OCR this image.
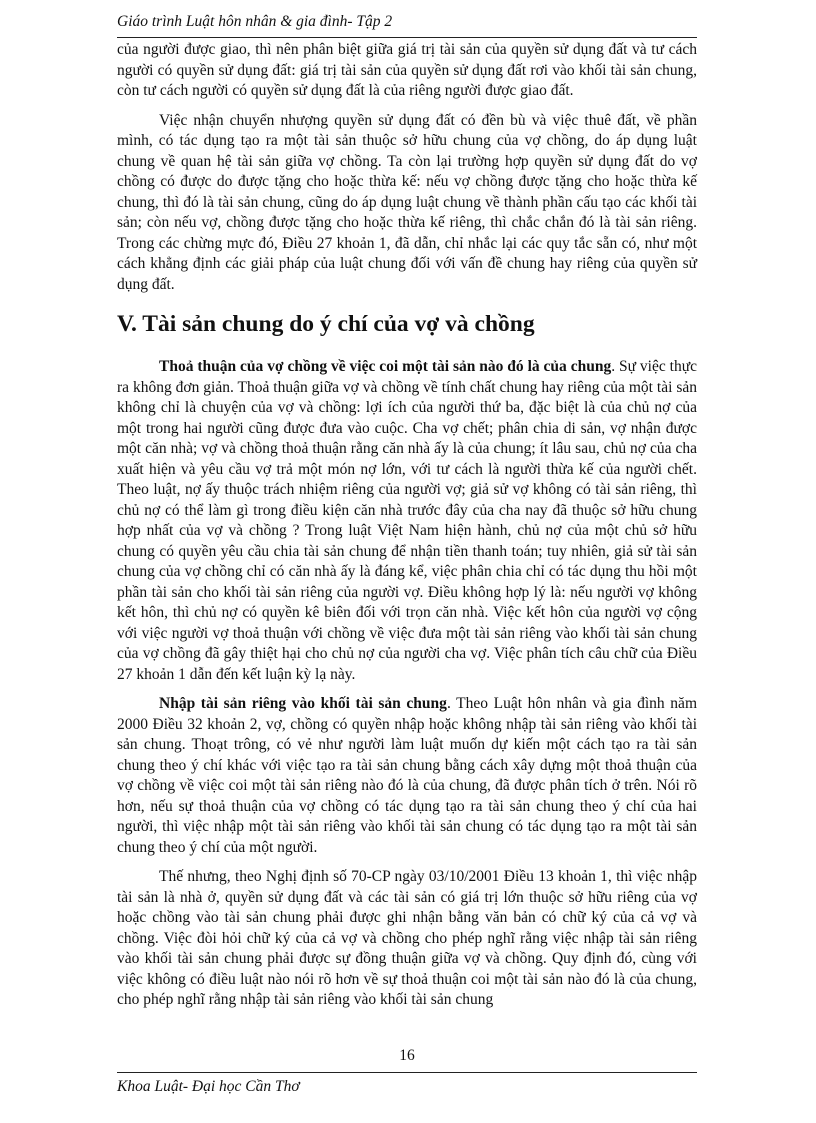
Giáo trình Luật hôn nhân & gia đình- Tập 2

của người được giao, thì nên phân biệt giữa giá trị tài sản của quyền sử dụng đất và tư cách người có quyền sử dụng đất: giá trị tài sản của quyền sử dụng đất rơi vào khối tài sản chung, còn tư cách người có quyền sử dụng đất là của riêng người được giao đất.

Việc nhận chuyển nhượng quyền sử dụng đất có đền bù và việc thuê đất, về phần mình, có tác dụng tạo ra một tài sản thuộc sở hữu chung của vợ chồng, do áp dụng luật chung về quan hệ tài sản giữa vợ chồng. Ta còn lại trường hợp quyền sử dụng đất do vợ chồng có được do được tặng cho hoặc thừa kế: nếu vợ chồng được tặng cho hoặc thừa kế chung, thì đó là tài sản chung, cũng do áp dụng luật chung về thành phần cấu tạo các khối tài sản; còn nếu vợ, chồng được tặng cho hoặc thừa kế riêng, thì chắc chắn đó là tài sản riêng. Trong các chừng mực đó, Điều 27 khoản 1, đã dẫn, chỉ nhắc lại các quy tắc sẵn có, như một cách khẳng định các giải pháp của luật chung đối với vấn đề chung hay riêng của quyền sử dụng đất.

V. Tài sản chung do ý chí của vợ và chồng

Thoả thuận của vợ chồng về việc coi một tài sản nào đó là của chung. Sự việc thực ra không đơn giản. Thoả thuận giữa vợ và chồng về tính chất chung hay riêng của một tài sản không chỉ là chuyện của vợ và chồng: lợi ích của người thứ ba, đặc biệt là của chủ nợ của một trong hai người cũng được đưa vào cuộc. Cha vợ chết; phân chia di sản, vợ nhận được một căn nhà; vợ và chồng thoả thuận rằng căn nhà ấy là của chung; ít lâu sau, chủ nợ của cha xuất hiện và yêu cầu vợ trả một món nợ lớn, với tư cách là người thừa kế của người chết. Theo luật, nợ ấy thuộc trách nhiệm riêng của người vợ; giả sử vợ không có tài sản riêng, thì chủ nợ có thể làm gì trong điều kiện căn nhà trước đây của cha nay đã thuộc sở hữu chung hợp nhất của vợ và chồng ? Trong luật Việt Nam hiện hành, chủ nợ của một chủ sở hữu chung có quyền yêu cầu chia tài sản chung để nhận tiền thanh toán; tuy nhiên, giả sử tài sản chung của vợ chồng chỉ có căn nhà ấy là đáng kể, việc phân chia chỉ có tác dụng thu hồi một phần tài sản cho khối tài sản riêng của người vợ. Điều không hợp lý là: nếu người vợ không kết hôn, thì chủ nợ có quyền kê biên đối với trọn căn nhà. Việc kết hôn của người vợ cộng với việc người vợ thoả thuận với chồng về việc đưa một tài sản riêng vào khối tài sản chung của vợ chồng đã gây thiệt hại cho chủ nợ của người cha vợ. Việc phân tích câu chữ của Điều 27 khoản 1 dẫn đến kết luận kỳ lạ này.

Nhập tài sản riêng vào khối tài sản chung. Theo Luật hôn nhân và gia đình năm 2000 Điều 32 khoản 2, vợ, chồng có quyền nhập hoặc không nhập tài sản riêng vào khối tài sản chung. Thoạt trông, có vẻ như người làm luật muốn dự kiến một cách tạo ra tài sản chung theo ý chí khác với việc tạo ra tài sản chung bằng cách xây dựng một thoả thuận của vợ chồng về việc coi một tài sản riêng nào đó là của chung, đã được phân tích ở trên. Nói rõ hơn, nếu sự thoả thuận của vợ chồng có tác dụng tạo ra tài sản chung theo ý chí của hai người, thì việc nhập một tài sản riêng vào khối tài sản chung có tác dụng tạo ra một tài sản chung theo ý chí của một người.

Thế nhưng, theo Nghị định số 70-CP ngày 03/10/2001 Điều 13 khoản 1, thì việc nhập tài sản là nhà ở, quyền sử dụng đất và các tài sản có giá trị lớn thuộc sở hữu riêng của vợ hoặc chồng vào tài sản chung phải được ghi nhận bằng văn bản có chữ ký của cả vợ và chồng. Việc đòi hỏi chữ ký của cả vợ và chồng cho phép nghĩ rằng việc nhập tài sản riêng vào khối tài sản chung phải được sự đồng thuận giữa vợ và chồng. Quy định đó, cùng với việc không có điều luật nào nói rõ hơn về sự thoả thuận coi một tài sản nào đó là của chung, cho phép nghĩ rằng nhập tài sản riêng vào khối tài sản chung

16
Khoa Luật- Đại học Cần Thơ
